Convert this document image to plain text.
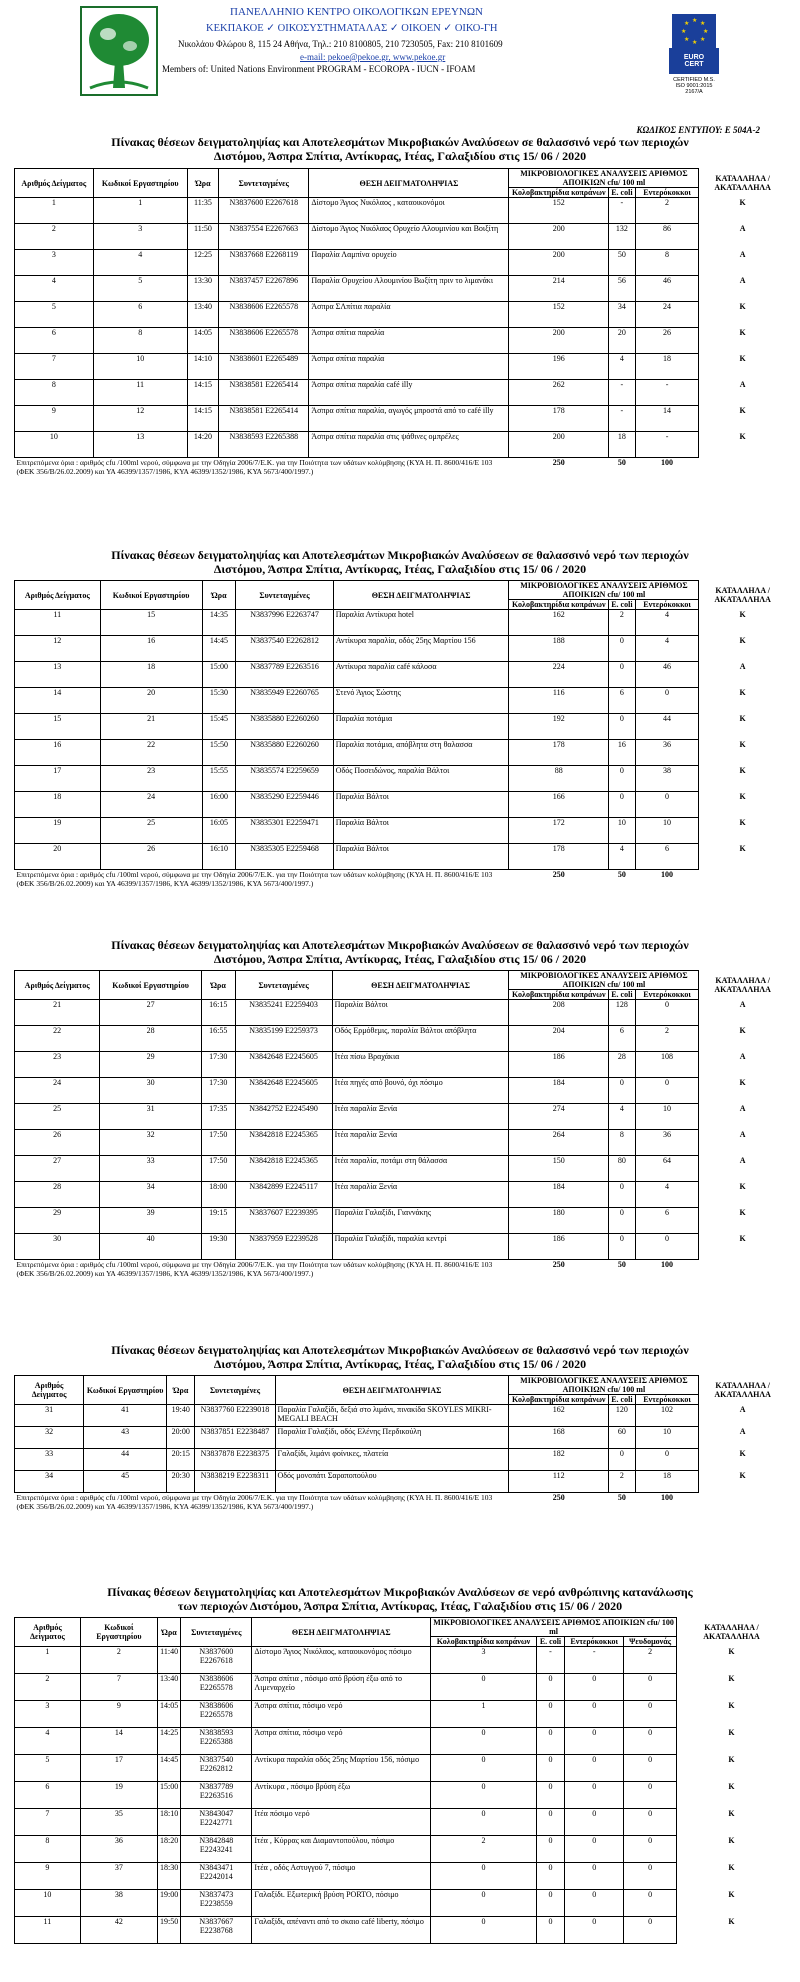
ΠΑΝΕΛΛΗΝΙΟ ΚΕΝΤΡΟ ΟΙΚΟΛΟΓΙΚΩΝ ΕΡΕΥΝΩΝ
ΚΕΚΠΑΚΟΕ ✓ ΟΙΚΟΣΥΣΤΗΜΑΤΑΛΑΣ ✓ ΟΙΚΟΕΝ ✓ ΟΙΚΟ-ΓΗ
Νικολάου Φλώρου 8, 115 24 Αθήνα, Τηλ.: 210 8100805, 210 7230505, Fax: 210 8101609
e-mail: pekoe@pekoe.gr, www.pekoe.gr
Members of: United Nations Environment PROGRAM - ECOROPA - IUCN - IFOAM
★ ★
★
★
★
★
★
★
EURO
CERT
CERTIFIED M.S.
ISO 9001:2015
2167/A
ΚΩΔΙΚΟΣ ΕΝΤΥΠΟΥ: Ε 504Α-2
Πίνακας θέσεων δειγματοληψίας και Αποτελεσμάτων Μικροβιακών Αναλύσεων σε θαλασσινό νερό των περιοχών
Διστόμου, Άσπρα Σπίτια, Αντίκυρας, Ιτέας, Γαλαξιδίου στις 15/ 06 / 2020
Πίνακας θέσεων δειγματοληψίας και Αποτελεσμάτων Μικροβιακών Αναλύσεων σε θαλασσινό νερό των περιοχών
Διστόμου, Άσπρα Σπίτια, Αντίκυρας, Ιτέας, Γαλαξιδίου στις 15/ 06 / 2020
Πίνακας θέσεων δειγματοληψίας και Αποτελεσμάτων Μικροβιακών Αναλύσεων σε θαλασσινό νερό των περιοχών
Διστόμου, Άσπρα Σπίτια, Αντίκυρας, Ιτέας, Γαλαξιδίου στις 15/ 06 / 2020
Πίνακας θέσεων δειγματοληψίας και Αποτελεσμάτων Μικροβιακών Αναλύσεων σε θαλασσινό νερό των περιοχών
Διστόμου, Άσπρα Σπίτια, Αντίκυρας, Ιτέας, Γαλαξιδίου στις 15/ 06 / 2020
Πίνακας θέσεων δειγματοληψίας και Αποτελεσμάτων Μικροβιακών Αναλύσεων σε νερό ανθρώπινης κατανάλωσης
των περιοχών Διστόμου, Άσπρα Σπίτια, Αντίκυρας, Ιτέας, Γαλαξιδίου στις 15/ 06 / 2020
Αριθμός Δείγματος	Κωδικοί Εργαστηρίου	Ώρα	Συντεταγμένες	ΘΕΣΗ ΔΕΙΓΜΑΤΟΛΗΨΙΑΣ	ΜΙΚΡΟΒΙΟΛΟΓΙΚΕΣ ΑΝΑΛΥΣΕΙΣ ΑΡΙΘΜΟΣ ΑΠΟΙΚΙΩΝ cfu/ 100 ml			ΚΑΤΑΛΛΗΛΑ / ΑΚΑΤΑΛΛΗΛΑ
					Κολοβακτηρίδια κοπράνων	E. coli	Εντερόκοκκοι	
1	1	11:35	N3837600 E2267618	Δίστομο Άγιος Νικόλαος , καταοικονόμοι	152	-	2	Κ
2	3	11:50	N3837554 E2267663	Δίστομο Άγιος Νικόλαος Ορυχείο Αλουμινίου και Βοιξίτη	200	132	86	Α
3	4	12:25	N3837668 E2268119	Παραλία Λαμπίνα ορυχείο	200	50	8	Α
4	5	13:30	N3837457 E2267896	Παραλία Ορυχείου Αλουμινίου Βωξίτη πριν το λιμανάκι	214	56	46	Α
5	6	13:40	N3838606 E2265578	Άσπρα ΣΛπίτια παραλία	152	34	24	Κ
6	8	14:05	N3838606 E2265578	Άσπρα σπίτια παραλία	200	20	26	Κ
7	10	14:10	N3838601 E2265489	Άσπρα σπίτια παραλία	196	4	18	Κ
8	11	14:15	N3838581 E2265414	Άσπρα σπίτια παραλία café illy	262	-	-	Α
9	12	14:15	N3838581 E2265414	Άσπρα σπίτια παραλία, αγωγός μπροστά από το café illy	178	-	14	Κ
10	13	14:20	N3838593 E2265388	Άσπρα σπίτια παραλία στις ψάθινες ομπρέλες	200	18	-	Κ
Επιτρεπόμενα όρια : αριθμός cfu /100ml νερού, σύμφωνα με την Οδηγία 2006/7/Ε.Κ. για την Ποιότητα των υδάτων κολύμβησης (ΚΥΑ Η. Π. 8600/416/Ε 103 (ΦΕΚ 356/Β/26.02.2009) και ΥΑ 46399/1357/1986, ΚΥΑ 46399/1352/1986, ΚΥΑ 5673/400/1997.)					250	50	100	
Αριθμός Δείγματος	Κωδικοί Εργαστηρίου	Ώρα	Συντεταγμένες	ΘΕΣΗ ΔΕΙΓΜΑΤΟΛΗΨΙΑΣ	ΜΙΚΡΟΒΙΟΛΟΓΙΚΕΣ ΑΝΑΛΥΣΕΙΣ ΑΡΙΘΜΟΣ ΑΠΟΙΚΙΩΝ cfu/ 100 ml			ΚΑΤΑΛΛΗΛΑ / ΑΚΑΤΑΛΛΗΛΑ
					Κολοβακτηρίδια κοπράνων	E. coli	Εντερόκοκκοι	
11	15	14:35	N3837996 E2263747	Παραλία Αντίκυρα hotel	162	2	4	Κ
12	16	14:45	N3837540 E2262812	Αντίκυρα παραλία, οδός 25ης Μαρτίου 156	188	0	4	Κ
13	18	15:00	N3837789 E2263516	Αντίκυρα παραλία café κάλοσα	224	0	46	Α
14	20	15:30	N3835949 E2260765	Στενό Άγιος Σώστης	116	6	0	Κ
15	21	15:45	N3835880 E2260260	Παραλία ποτάμια	192	0	44	Κ
16	22	15:50	N3835880 E2260260	Παραλία ποτάμια, απόβλητα στη θαλασσα	178	16	36	Κ
17	23	15:55	N3835574 E2259659	Οδός Ποσειδώνος, παραλία Βάλτοι	88	0	38	Κ
18	24	16:00	N3835290 E2259446	Παραλία Βάλτοι	166	0	0	Κ
19	25	16:05	N3835301 E2259471	Παραλία Βάλτοι	172	10	10	Κ
20	26	16:10	N3835305 E2259468	Παραλία Βάλτοι	178	4	6	Κ
Επιτρεπόμενα όρια : αριθμός cfu /100ml νερού, σύμφωνα με την Οδηγία 2006/7/Ε.Κ. για την Ποιότητα των υδάτων κολύμβησης (ΚΥΑ Η. Π. 8600/416/Ε 103 (ΦΕΚ 356/Β/26.02.2009) και ΥΑ 46399/1357/1986, ΚΥΑ 46399/1352/1986, ΚΥΑ 5673/400/1997.)					250	50	100	
Αριθμός Δείγματος	Κωδικοί Εργαστηρίου	Ώρα	Συντεταγμένες	ΘΕΣΗ ΔΕΙΓΜΑΤΟΛΗΨΙΑΣ	ΜΙΚΡΟΒΙΟΛΟΓΙΚΕΣ ΑΝΑΛΥΣΕΙΣ ΑΡΙΘΜΟΣ ΑΠΟΙΚΙΩΝ cfu/ 100 ml			ΚΑΤΑΛΛΗΛΑ / ΑΚΑΤΑΛΛΗΛΑ
					Κολοβακτηρίδια κοπράνων	E. coli	Εντερόκοκκοι	
21	27	16:15	N3835241 E2259403	Παραλία Βάλτοι	208	128	0	Α
22	28	16:55	N3835199 E2259373	Οδός Ερμόθεμις, παραλία Βάλτοι απόβλητα	204	6	2	Κ
23	29	17:30	N3842648 E2245605	Ιτέα πίσω Βραχάκια	186	28	108	Α
24	30	17:30	N3842648 E2245605	Ιτέα πηγές από βουνό, όχι πόσιμο	184	0	0	Κ
25	31	17:35	N3842752 E2245490	Ιτέα παραλία Ξενία	274	4	10	Α
26	32	17:50	N3842818 E2245365	Ιτέα παραλία Ξενία	264	8	36	Α
27	33	17:50	N3842818 E2245365	Ιτέα παραλία, ποτάμι στη θάλασσα	150	80	64	Α
28	34	18:00	N3842899 E2245117	Ιτέα παραλία Ξενία	184	0	4	Κ
29	39	19:15	N3837607 E2239395	Παραλία Γαλαξίδι, Γιαννάκης	180	0	6	Κ
30	40	19:30	N3837959 E2239528	Παραλία Γαλαξίδι, παραλία κεντρί	186	0	0	Κ
Επιτρεπόμενα όρια : αριθμός cfu /100ml νερού, σύμφωνα με την Οδηγία 2006/7/Ε.Κ. για την Ποιότητα των υδάτων κολύμβησης (ΚΥΑ Η. Π. 8600/416/Ε 103 (ΦΕΚ 356/Β/26.02.2009) και ΥΑ 46399/1357/1986, ΚΥΑ 46399/1352/1986, ΚΥΑ 5673/400/1997.)					250	50	100	
Αριθμός Δείγματος	Κωδικοί Εργαστηρίου	Ώρα	Συντεταγμένες	ΘΕΣΗ ΔΕΙΓΜΑΤΟΛΗΨΙΑΣ	ΜΙΚΡΟΒΙΟΛΟΓΙΚΕΣ ΑΝΑΛΥΣΕΙΣ ΑΡΙΘΜΟΣ ΑΠΟΙΚΙΩΝ cfu/ 100 ml			ΚΑΤΑΛΛΗΛΑ / ΑΚΑΤΑΛΛΗΛΑ
					Κολοβακτηρίδια κοπράνων	E. coli	Εντερόκοκκοι	
31	41	19:40	N3837760 E2239018	Παραλία Γαλαξίδι, δεξιά στο λιμάνι, πινακίδα SKOYLES MIKRI-MEGALI BEACH	162	120	102	Α
32	43	20:00	N3837851 E2238487	Παραλία Γαλαξίδι, οδός Ελένης Περδικούλη	168	60	10	Α
33	44	20:15	N3837878 E2238375	Γαλαξίδι, λιμάνι φοίνικες, πλατεία	182	0	0	Κ
34	45	20:30	N3838219 E2238311	Οδός μονοπάτι Σαραποπούλου	112	2	18	Κ
Επιτρεπόμενα όρια : αριθμός cfu /100ml νερού, σύμφωνα με την Οδηγία 2006/7/Ε.Κ. για την Ποιότητα των υδάτων κολύμβησης (ΚΥΑ Η. Π. 8600/416/Ε 103 (ΦΕΚ 356/Β/26.02.2009) και ΥΑ 46399/1357/1986, ΚΥΑ 46399/1352/1986, ΚΥΑ 5673/400/1997.)					250	50	100	
Αριθμός Δείγματος	Κωδικοί Εργαστηρίου	Ώρα	Συντεταγμένες	ΘΕΣΗ ΔΕΙΓΜΑΤΟΛΗΨΙΑΣ	ΜΙΚΡΟΒΙΟΛΟΓΙΚΕΣ ΑΝΑΛΥΣΕΙΣ ΑΡΙΘΜΟΣ ΑΠΟΙΚΙΩΝ cfu/ 100 ml				ΚΑΤΑΛΛΗΛΑ / ΑΚΑΤΑΛΛΗΛΑ
					Κολοβακτηρίδια κοπράνων	E. coli	Εντερόκοκκοι	Ψευδομονάς	
1	2	11:40	N3837600 E2267618	Δίστομο Άγιος Νικόλαος, καταοικονόμος πόσιμο	3	-	-	2	Κ
2	7	13:40	N3838606 E2265578	Άσπρα σπίτια , πόσιμο από βρύση έξω από το Λιμεναρχείο	0	0	0	0	Κ
3	9	14:05	N3838606 E2265578	Άσπρα σπίτια, πόσιμο νερό	1	0	0	0	Κ
4	14	14:25	N3838593 E2265388	Άσπρα σπίτια, πόσιμο νερό	0	0	0	0	Κ
5	17	14:45	N3837540 E2262812	Αντίκυρα παραλία οδός 25ης Μαρτίου 156, πόσιμο	0	0	0	0	Κ
6	19	15:00	N3837789 E2263516	Αντίκυρα , πόσιμο βρύση έξω	0	0	0	0	Κ
7	35	18:10	N3843047 E2242771	Ιτέα πόσιμο νερό	0	0	0	0	Κ
8	36	18:20	N3842848 E2243241	Ιτέα , Κύρρας και Διαμαντοπούλου, πόσιμο	2	0	0	0	Κ
9	37	18:30	N3843471 E2242014	Ιτέα , οδός Αστυγγού 7, πόσιμο	0	0	0	0	Κ
10	38	19:00	N3837473 E2238559	Γαλαξίδι. Εξωτερική βρύση PORTO, πόσιμο	0	0	0	0	Κ
11	42	19:50	N3837667 E2238768	Γαλαξίδι, απέναντι από το σκαιο café liberty, πόσιμο	0	0	0	0	Κ
